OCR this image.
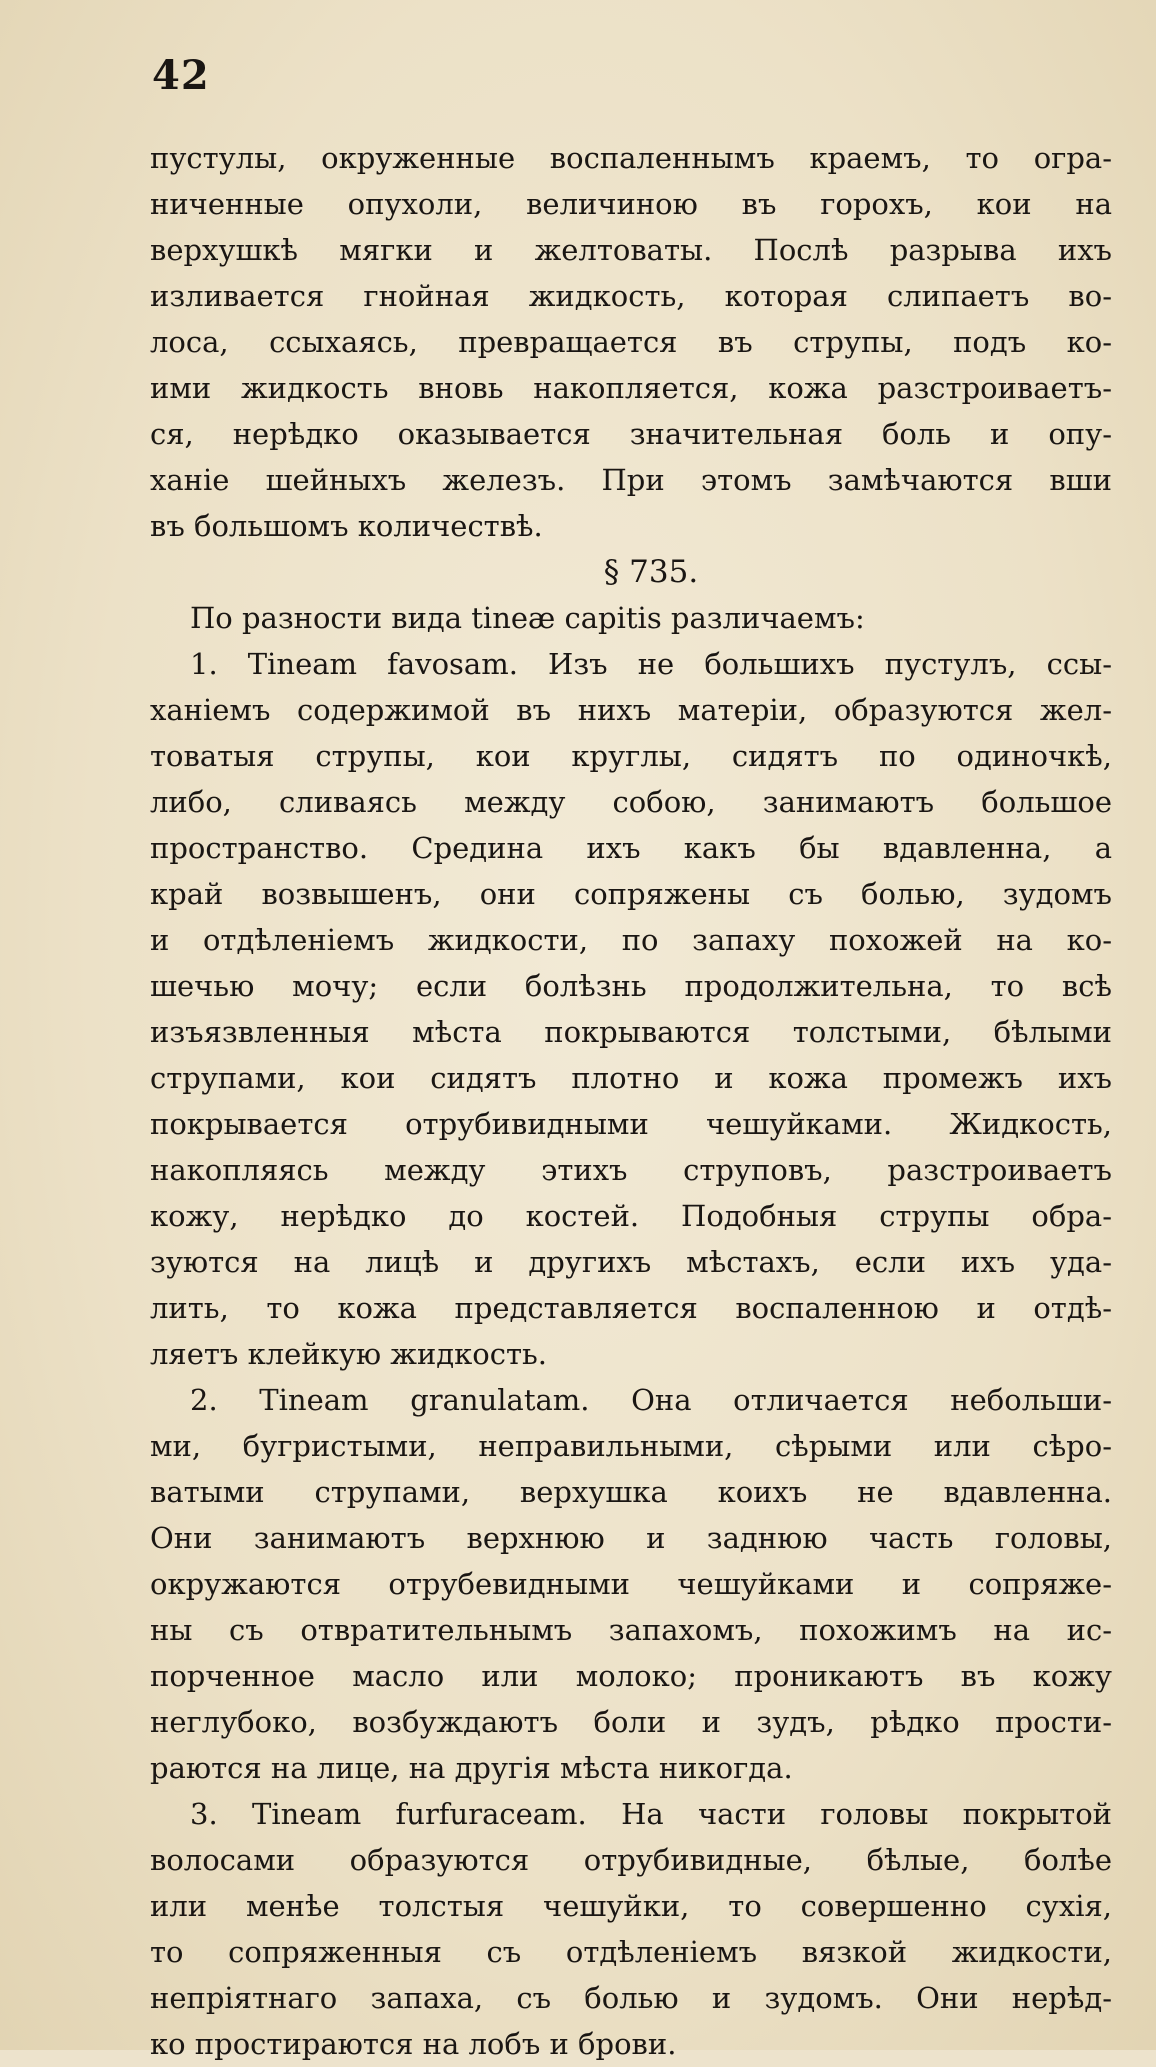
42
пустулы, окруженные воспаленнымъ краемъ, то огра-
ниченные опухоли, величиною въ горохъ, кои на
верхушкѣ мягки и желтоваты. Послѣ разрыва ихъ
изливается гнойная жидкость, которая слипаетъ во-
лоса, ссыхаясь, превращается въ струпы, подъ ко-
ими жидкость вновь накопляется, кожа разстроиваетъ-
ся, нерѣдко оказывается значительная боль и опу-
ханіе шейныхъ железъ. При этомъ замѣчаются вши
въ большомъ количествѣ.
§ 735.
По разности вида tineæ capitis различаемъ:
1. Tineam favosam. Изъ не большихъ пустулъ, ссы-
ханіемъ содержимой въ нихъ матеріи, образуются жел-
товатыя струпы, кои круглы, сидятъ по одиночкѣ,
либо, сливаясь между собою, занимаютъ большое
пространство. Средина ихъ какъ бы вдавленна, а
край возвышенъ, они сопряжены съ болью, зудомъ
и отдѣленіемъ жидкости, по запаху похожей на ко-
шечью мочу; если болѣзнь продолжительна, то всѣ
изъязвленныя мѣста покрываются толстыми, бѣлыми
струпами, кои сидятъ плотно и кожа промежъ ихъ
покрывается отрубивидными чешуйками. Жидкость,
накопляясь между этихъ струповъ, разстроиваетъ
кожу, нерѣдко до костей. Подобныя струпы обра-
зуются на лицѣ и другихъ мѣстахъ, если ихъ уда-
лить, то кожа представляется воспаленною и отдѣ-
ляетъ клейкую жидкость.
2. Tineam granulatam. Она отличается небольши-
ми, бугристыми, неправильными, сѣрыми или сѣро-
ватыми струпами, верхушка коихъ не вдавленна.
Они занимаютъ верхнюю и заднюю часть головы,
окружаются отрубевидными чешуйками и сопряже-
ны съ отвратительнымъ запахомъ, похожимъ на ис-
порченное масло или молоко; проникаютъ въ кожу
неглубоко, возбуждаютъ боли и зудъ, рѣдко прости-
раются на лице, на другія мѣста никогда.
3. Tineam furfuraceam. На части головы покрытой
волосами образуются отрубивидные, бѣлые, болѣе
или менѣе толстыя чешуйки, то совершенно сухія,
то сопряженныя съ отдѣленіемъ вязкой жидкости,
непріятнаго запаха, съ болью и зудомъ. Они нерѣд-
ко простираются на лобъ и брови.
